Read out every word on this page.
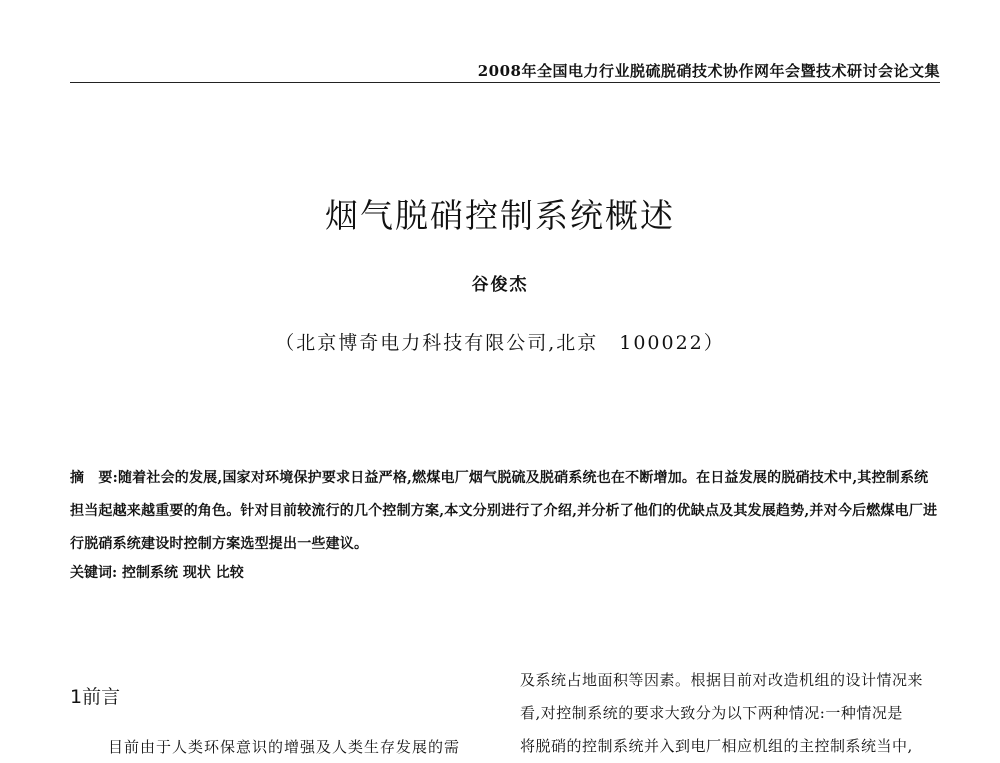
2008年全国电力行业脱硫脱硝技术协作网年会暨技术研讨会论文集
烟气脱硝控制系统概述
谷俊杰
（北京博奇电力科技有限公司,北京　100022）
摘　要:随着社会的发展,国家对环境保护要求日益严格,燃煤电厂烟气脱硫及脱硝系统也在不断增加。在日益发展的脱硝技术中,其控制系统担当起越来越重要的角色。针对目前较流行的几个控制方案,本文分别进行了介绍,并分析了他们的优缺点及其发展趋势,并对今后燃煤电厂进行脱硝系统建设时控制方案选型提出一些建议。
关键词: 控制系统 现状 比较
1前言
目前由于人类环保意识的增强及人类生存发展的需

及系统占地面积等因素。根据目前对改造机组的设计情况来

看,对控制系统的要求大致分为以下两种情况:一种情况是

将脱硝的控制系统并入到电厂相应机组的主控制系统当中,
